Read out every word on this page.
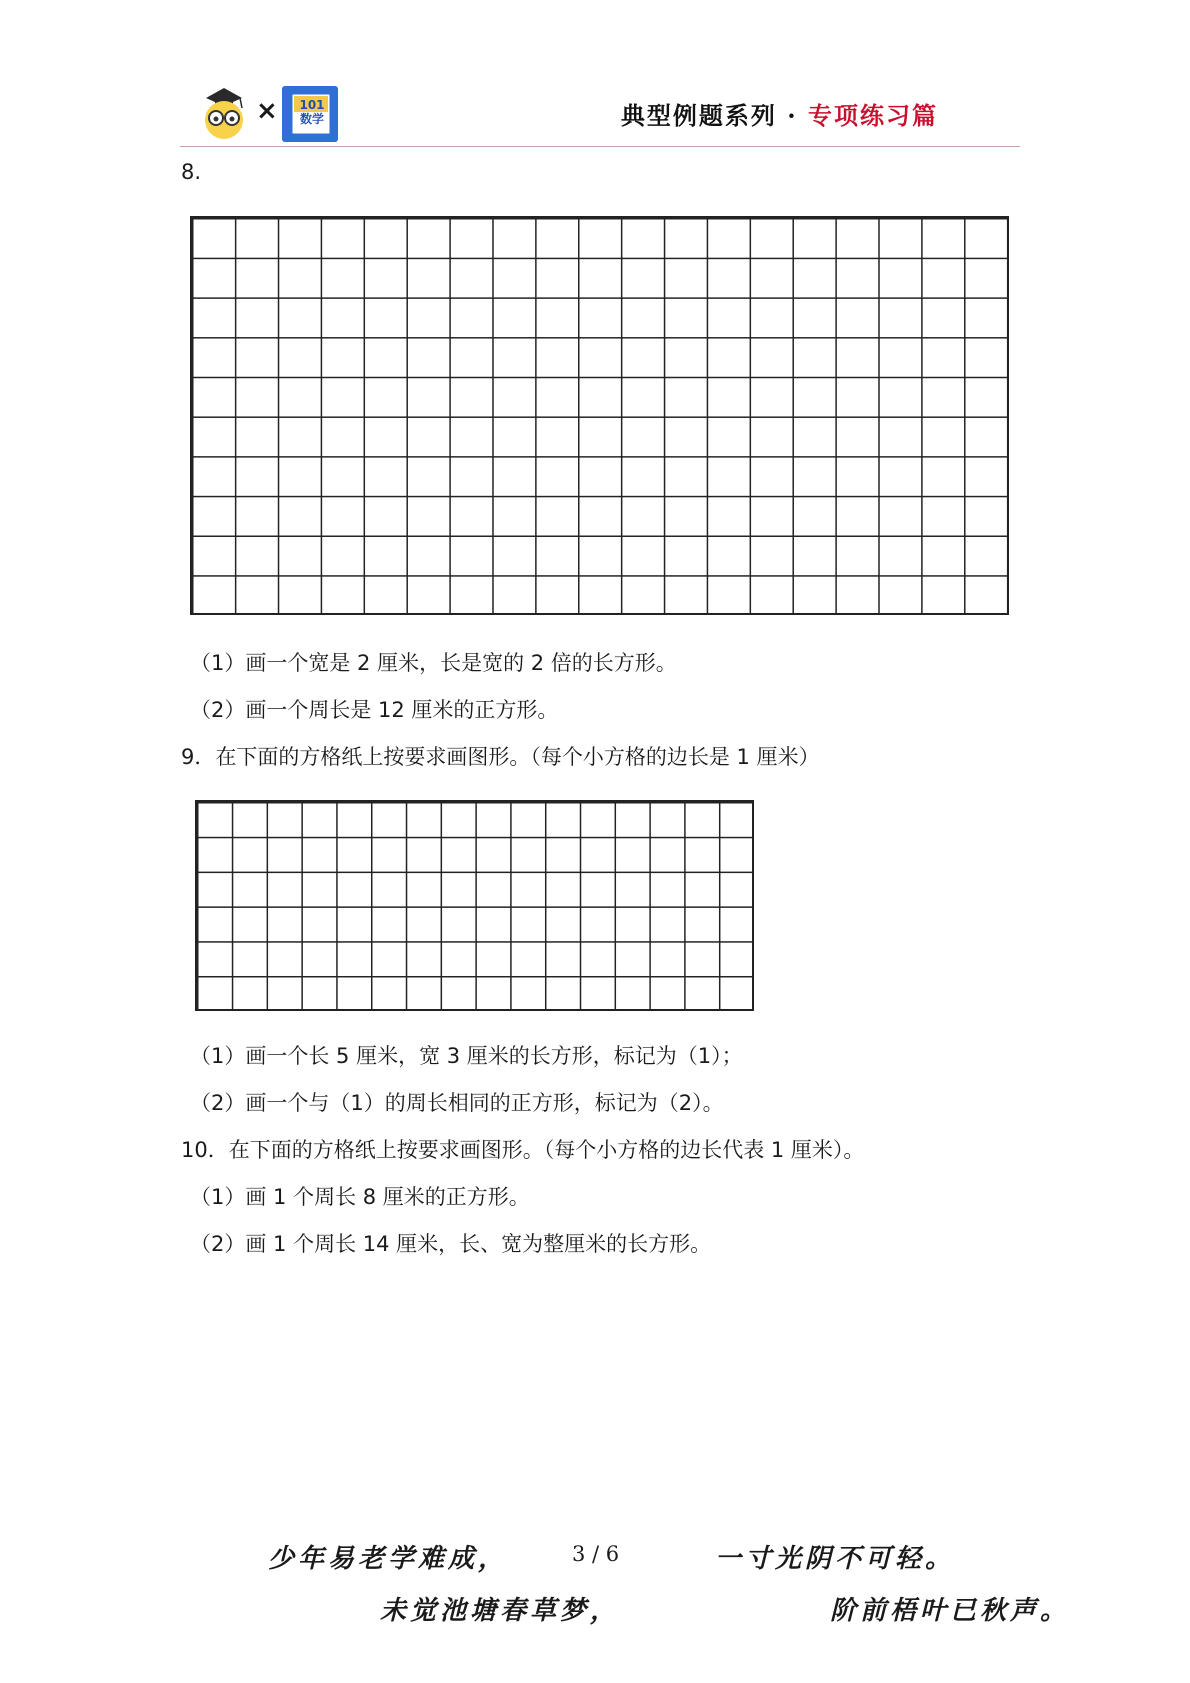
×	101 数学	典型例题系列 · 专项练习篇
8.
（1）画一个宽是 2 厘米，长是宽的 2 倍的长方形。
（2）画一个周长是 12 厘米的正方形。
9．在下面的方格纸上按要求画图形。（每个小方格的边长是 1 厘米）
（1）画一个长 5 厘米，宽 3 厘米的长方形，标记为（1）；
（2）画一个与（1）的周长相同的正方形，标记为（2）。
10．在下面的方格纸上按要求画图形。（每个小方格的边长代表 1 厘米）。
（1）画 1 个周长 8 厘米的正方形。
（2）画 1 个周长 14 厘米，长、宽为整厘米的长方形。
少年易老学难成，	3 / 6	一寸光阴不可轻。
未觉池塘春草梦，	阶前梧叶已秋声。
